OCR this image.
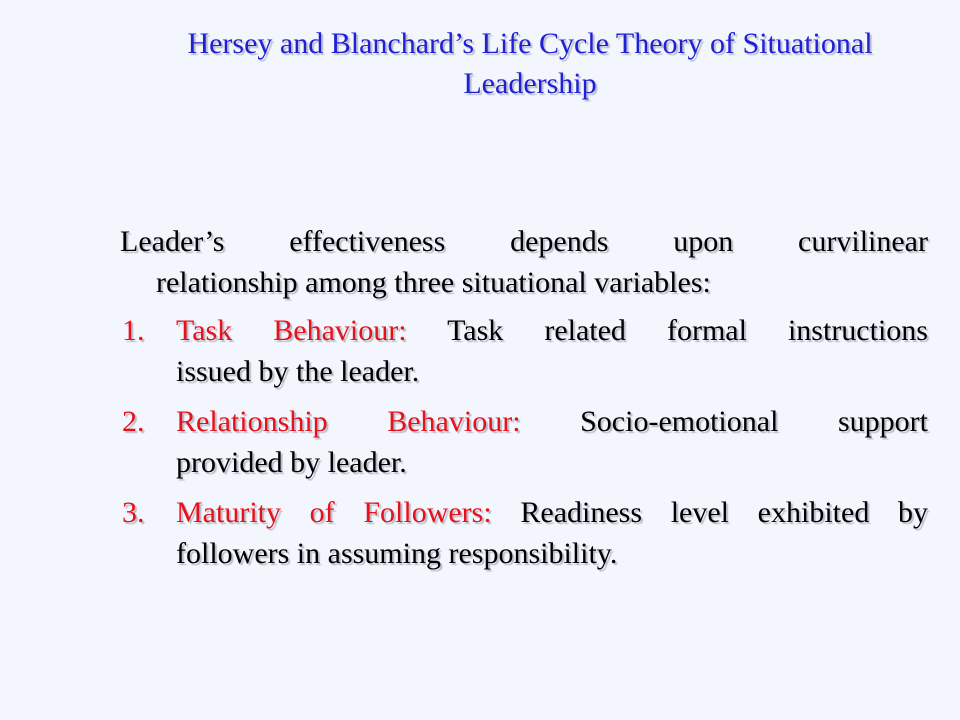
Hersey and Blanchard’s Life Cycle Theory of Situational
Leadership

Leader’s effectiveness depends upon curvilinear
relationship among three situational variables:

1. Task Behaviour: Task related formal instructions
issued by the leader.
2. Relationship Behaviour: Socio-emotional support
provided by leader.
3. Maturity of Followers: Readiness level exhibited by
followers in assuming responsibility.
